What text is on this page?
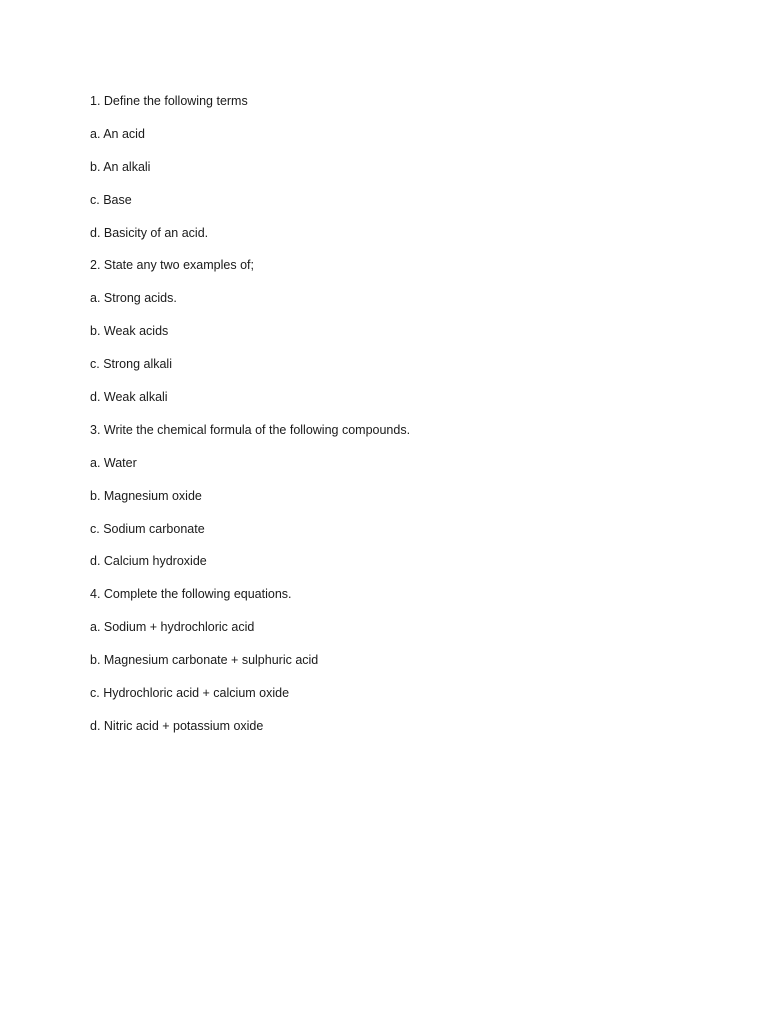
1. Define the following terms
a. An acid
b. An alkali
c. Base
d. Basicity of an acid.
2. State any two examples of;
a. Strong acids.
b. Weak acids
c. Strong alkali
d. Weak alkali
3. Write the chemical formula of the following compounds.
a. Water
b. Magnesium oxide
c. Sodium carbonate
d. Calcium hydroxide
4. Complete the following equations.
a. Sodium + hydrochloric acid
b. Magnesium carbonate + sulphuric acid
c. Hydrochloric acid + calcium oxide
d. Nitric acid + potassium oxide
